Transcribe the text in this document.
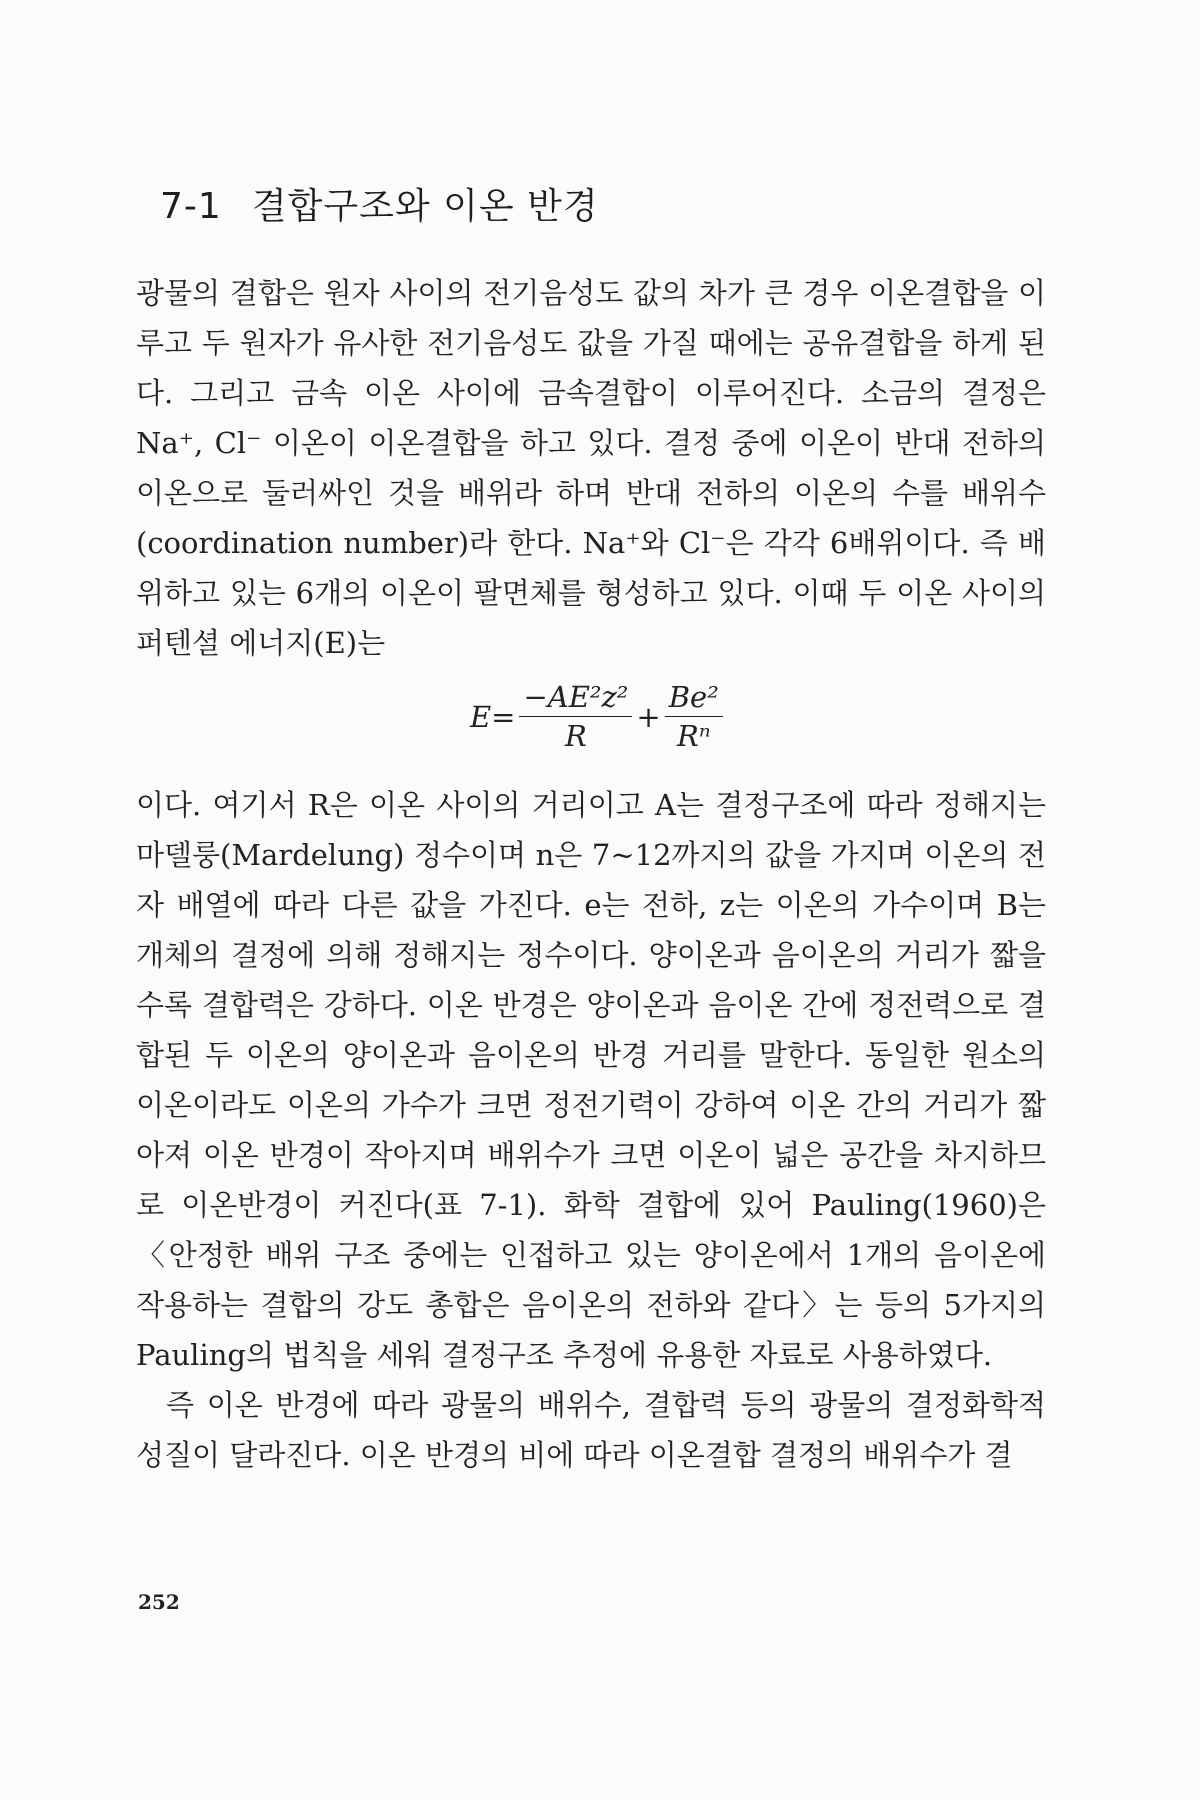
7-1 결합구조와 이온 반경
광물의 결합은 원자 사이의 전기음성도 값의 차가 큰 경우 이온결합을 이루고 두 원자가 유사한 전기음성도 값을 가질 때에는 공유결합을 하게 된다. 그리고 금속 이온 사이에 금속결합이 이루어진다. 소금의 결정은 Na⁺, Cl⁻ 이온이 이온결합을 하고 있다. 결정 중에 이온이 반대 전하의 이온으로 둘러싸인 것을 배위라 하며 반대 전하의 이온의 수를 배위수(coordination number)라 한다. Na⁺와 Cl⁻은 각각 6배위이다. 즉 배위하고 있는 6개의 이온이 팔면체를 형성하고 있다. 이때 두 이온 사이의 퍼텐셜 에너지(E)는
$E= \frac{\text{−AE²z²}}{R} + \frac{\text{Be²}}{\text{Rⁿ}}$
이다. 여기서 R은 이온 사이의 거리이고 A는 결정구조에 따라 정해지는 마델룽(Mardelung) 정수이며 n은 7~12까지의 값을 가지며 이온의 전자 배열에 따라 다른 값을 가진다. e는 전하, z는 이온의 가수이며 B는 개체의 결정에 의해 정해지는 정수이다. 양이온과 음이온의 거리가 짧을수록 결합력은 강하다. 이온 반경은 양이온과 음이온 간에 정전력으로 결합된 두 이온의 양이온과 음이온의 반경 거리를 말한다. 동일한 원소의 이온이라도 이온의 가수가 크면 정전기력이 강하여 이온 간의 거리가 짧아져 이온 반경이 작아지며 배위수가 크면 이온이 넓은 공간을 차지하므로 이온반경이 커진다(표 7-1). 화학 결합에 있어 Pauling(1960)은 〈안정한 배위 구조 중에는 인접하고 있는 양이온에서 1개의 음이온에 작용하는 결합의 강도 총합은 음이온의 전하와 같다〉는 등의 5가지의 Pauling의 법칙을 세워 결정구조 추정에 유용한 자료로 사용하였다.
즉 이온 반경에 따라 광물의 배위수, 결합력 등의 광물의 결정화학적 성질이 달라진다. 이온 반경의 비에 따라 이온결합 결정의 배위수가 결
252
